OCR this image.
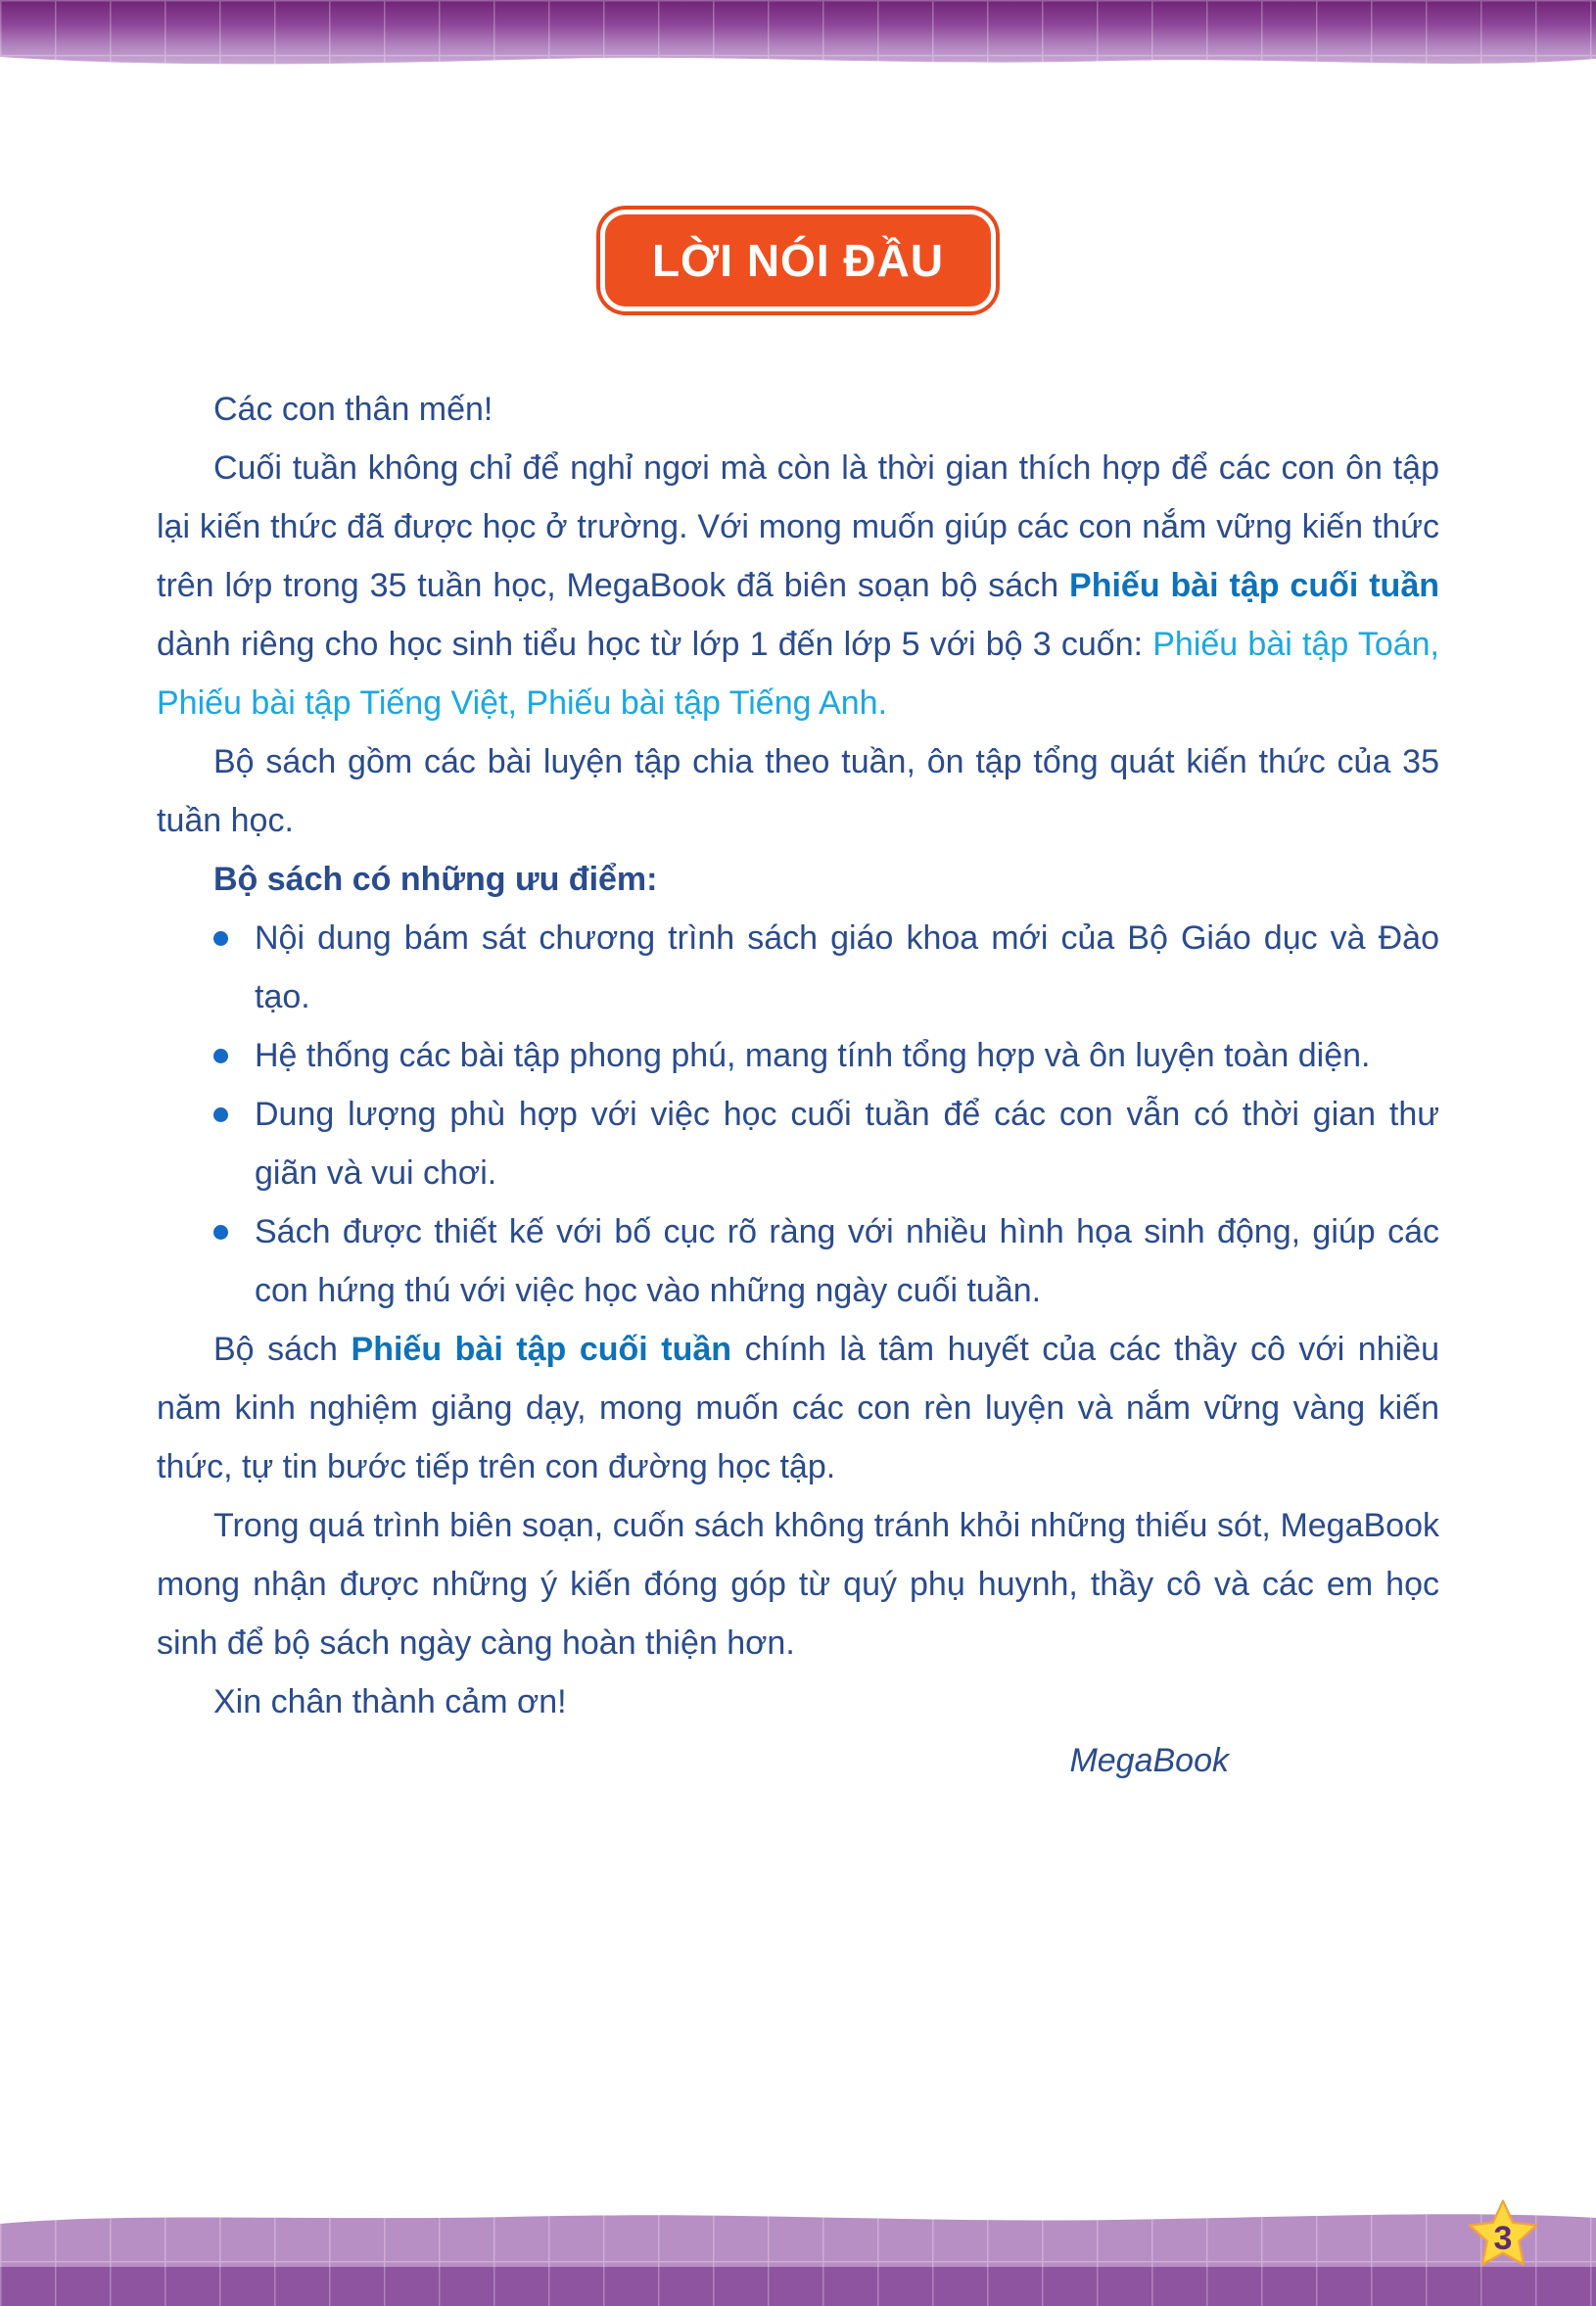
LỜI NÓI ĐẦU

Các con thân mến!

Cuối tuần không chỉ để nghỉ ngơi mà còn là thời gian thích hợp để các con ôn tập lại kiến thức đã được học ở trường. Với mong muốn giúp các con nắm vững kiến thức trên lớp trong 35 tuần học, MegaBook đã biên soạn bộ sách Phiếu bài tập cuối tuần dành riêng cho học sinh tiểu học từ lớp 1 đến lớp 5 với bộ 3 cuốn: Phiếu bài tập Toán, Phiếu bài tập Tiếng Việt, Phiếu bài tập Tiếng Anh.

Bộ sách gồm các bài luyện tập chia theo tuần, ôn tập tổng quát kiến thức của 35 tuần học.

Bộ sách có những ưu điểm:

Nội dung bám sát chương trình sách giáo khoa mới của Bộ Giáo dục và Đào tạo.
Hệ thống các bài tập phong phú, mang tính tổng hợp và ôn luyện toàn diện.
Dung lượng phù hợp với việc học cuối tuần để các con vẫn có thời gian thư giãn và vui chơi.
Sách được thiết kế với bố cục rõ ràng với nhiều hình họa sinh động, giúp các con hứng thú với việc học vào những ngày cuối tuần.

Bộ sách Phiếu bài tập cuối tuần chính là tâm huyết của các thầy cô với nhiều năm kinh nghiệm giảng dạy, mong muốn các con rèn luyện và nắm vững vàng kiến thức, tự tin bước tiếp trên con đường học tập.

Trong quá trình biên soạn, cuốn sách không tránh khỏi những thiếu sót, MegaBook mong nhận được những ý kiến đóng góp từ quý phụ huynh, thầy cô và các em học sinh để bộ sách ngày càng hoàn thiện hơn.

Xin chân thành cảm ơn!

MegaBook

3
